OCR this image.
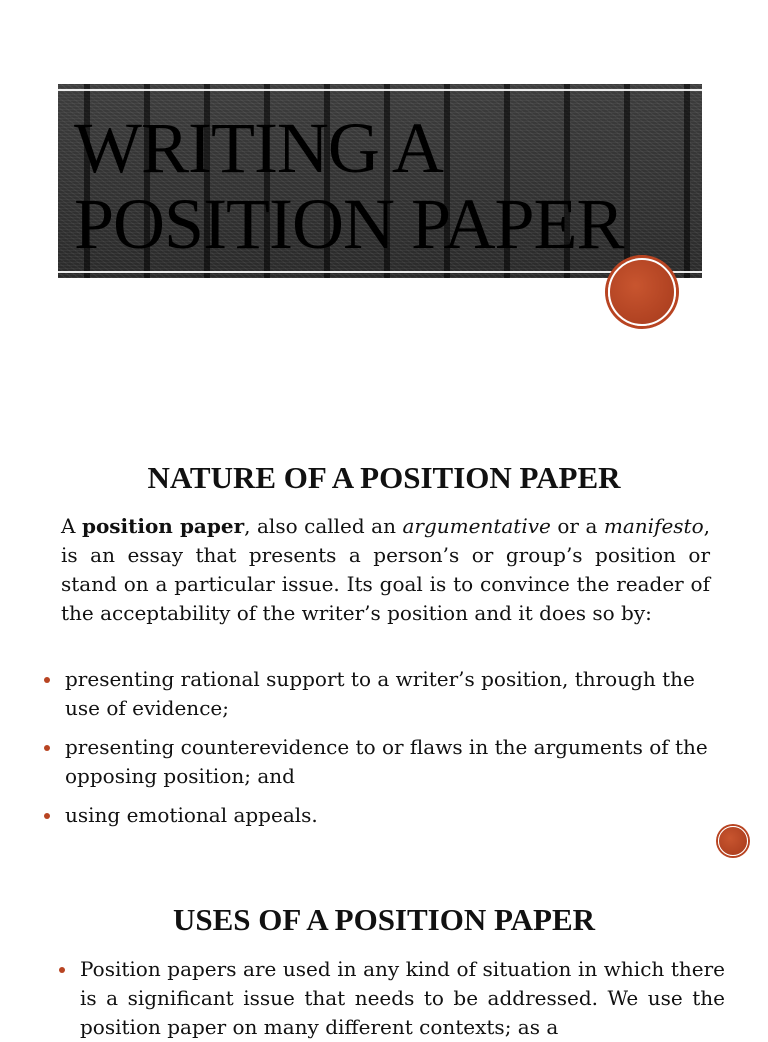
WRITING A
POSITION PAPER
NATURE OF A POSITION PAPER

A position paper, also called an argumentative or a manifesto, is an essay that presents a person’s or group’s position or stand on a particular issue. Its goal is to convince the reader of the acceptability of the writer’s position and it does so by:

presenting rational support to a writer’s position, through the use of evidence;
presenting counterevidence to or flaws in the arguments of the opposing position; and
using emotional appeals.
USES OF A POSITION PAPER
Position papers are used in any kind of situation in which there is a significant issue that needs to be addressed. We use the position paper on many different contexts; as a
